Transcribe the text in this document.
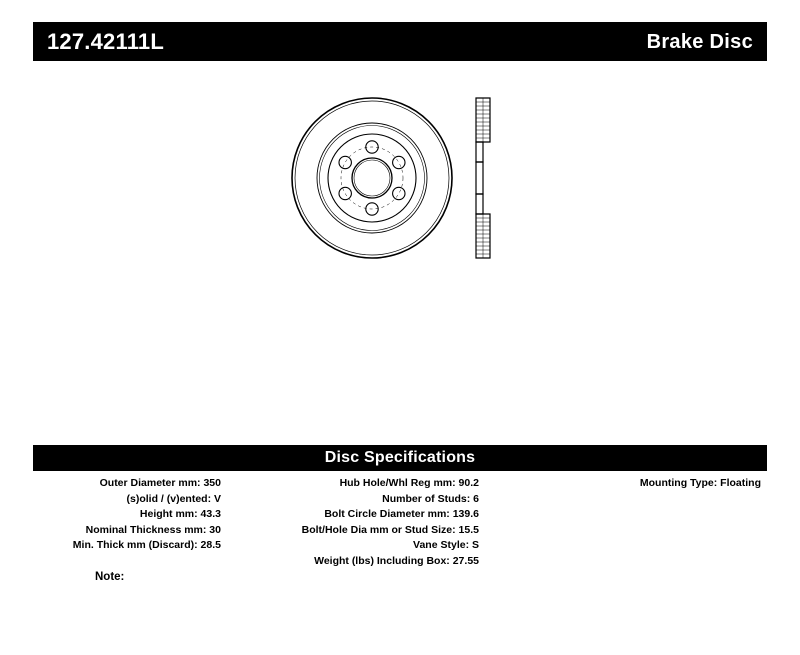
127.42111L	Brake Disc
Disc Specifications
Outer Diameter mm: 350
(s)olid / (v)ented: V
Height mm: 43.3
Nominal Thickness mm: 30
Min. Thick mm (Discard): 28.5
Hub Hole/Whl Reg mm: 90.2
Number of Studs: 6
Bolt Circle Diameter mm: 139.6
Bolt/Hole Dia mm or Stud Size: 15.5
Vane Style: S
Weight (lbs) Including Box: 27.55
Mounting Type: Floating
Note:
